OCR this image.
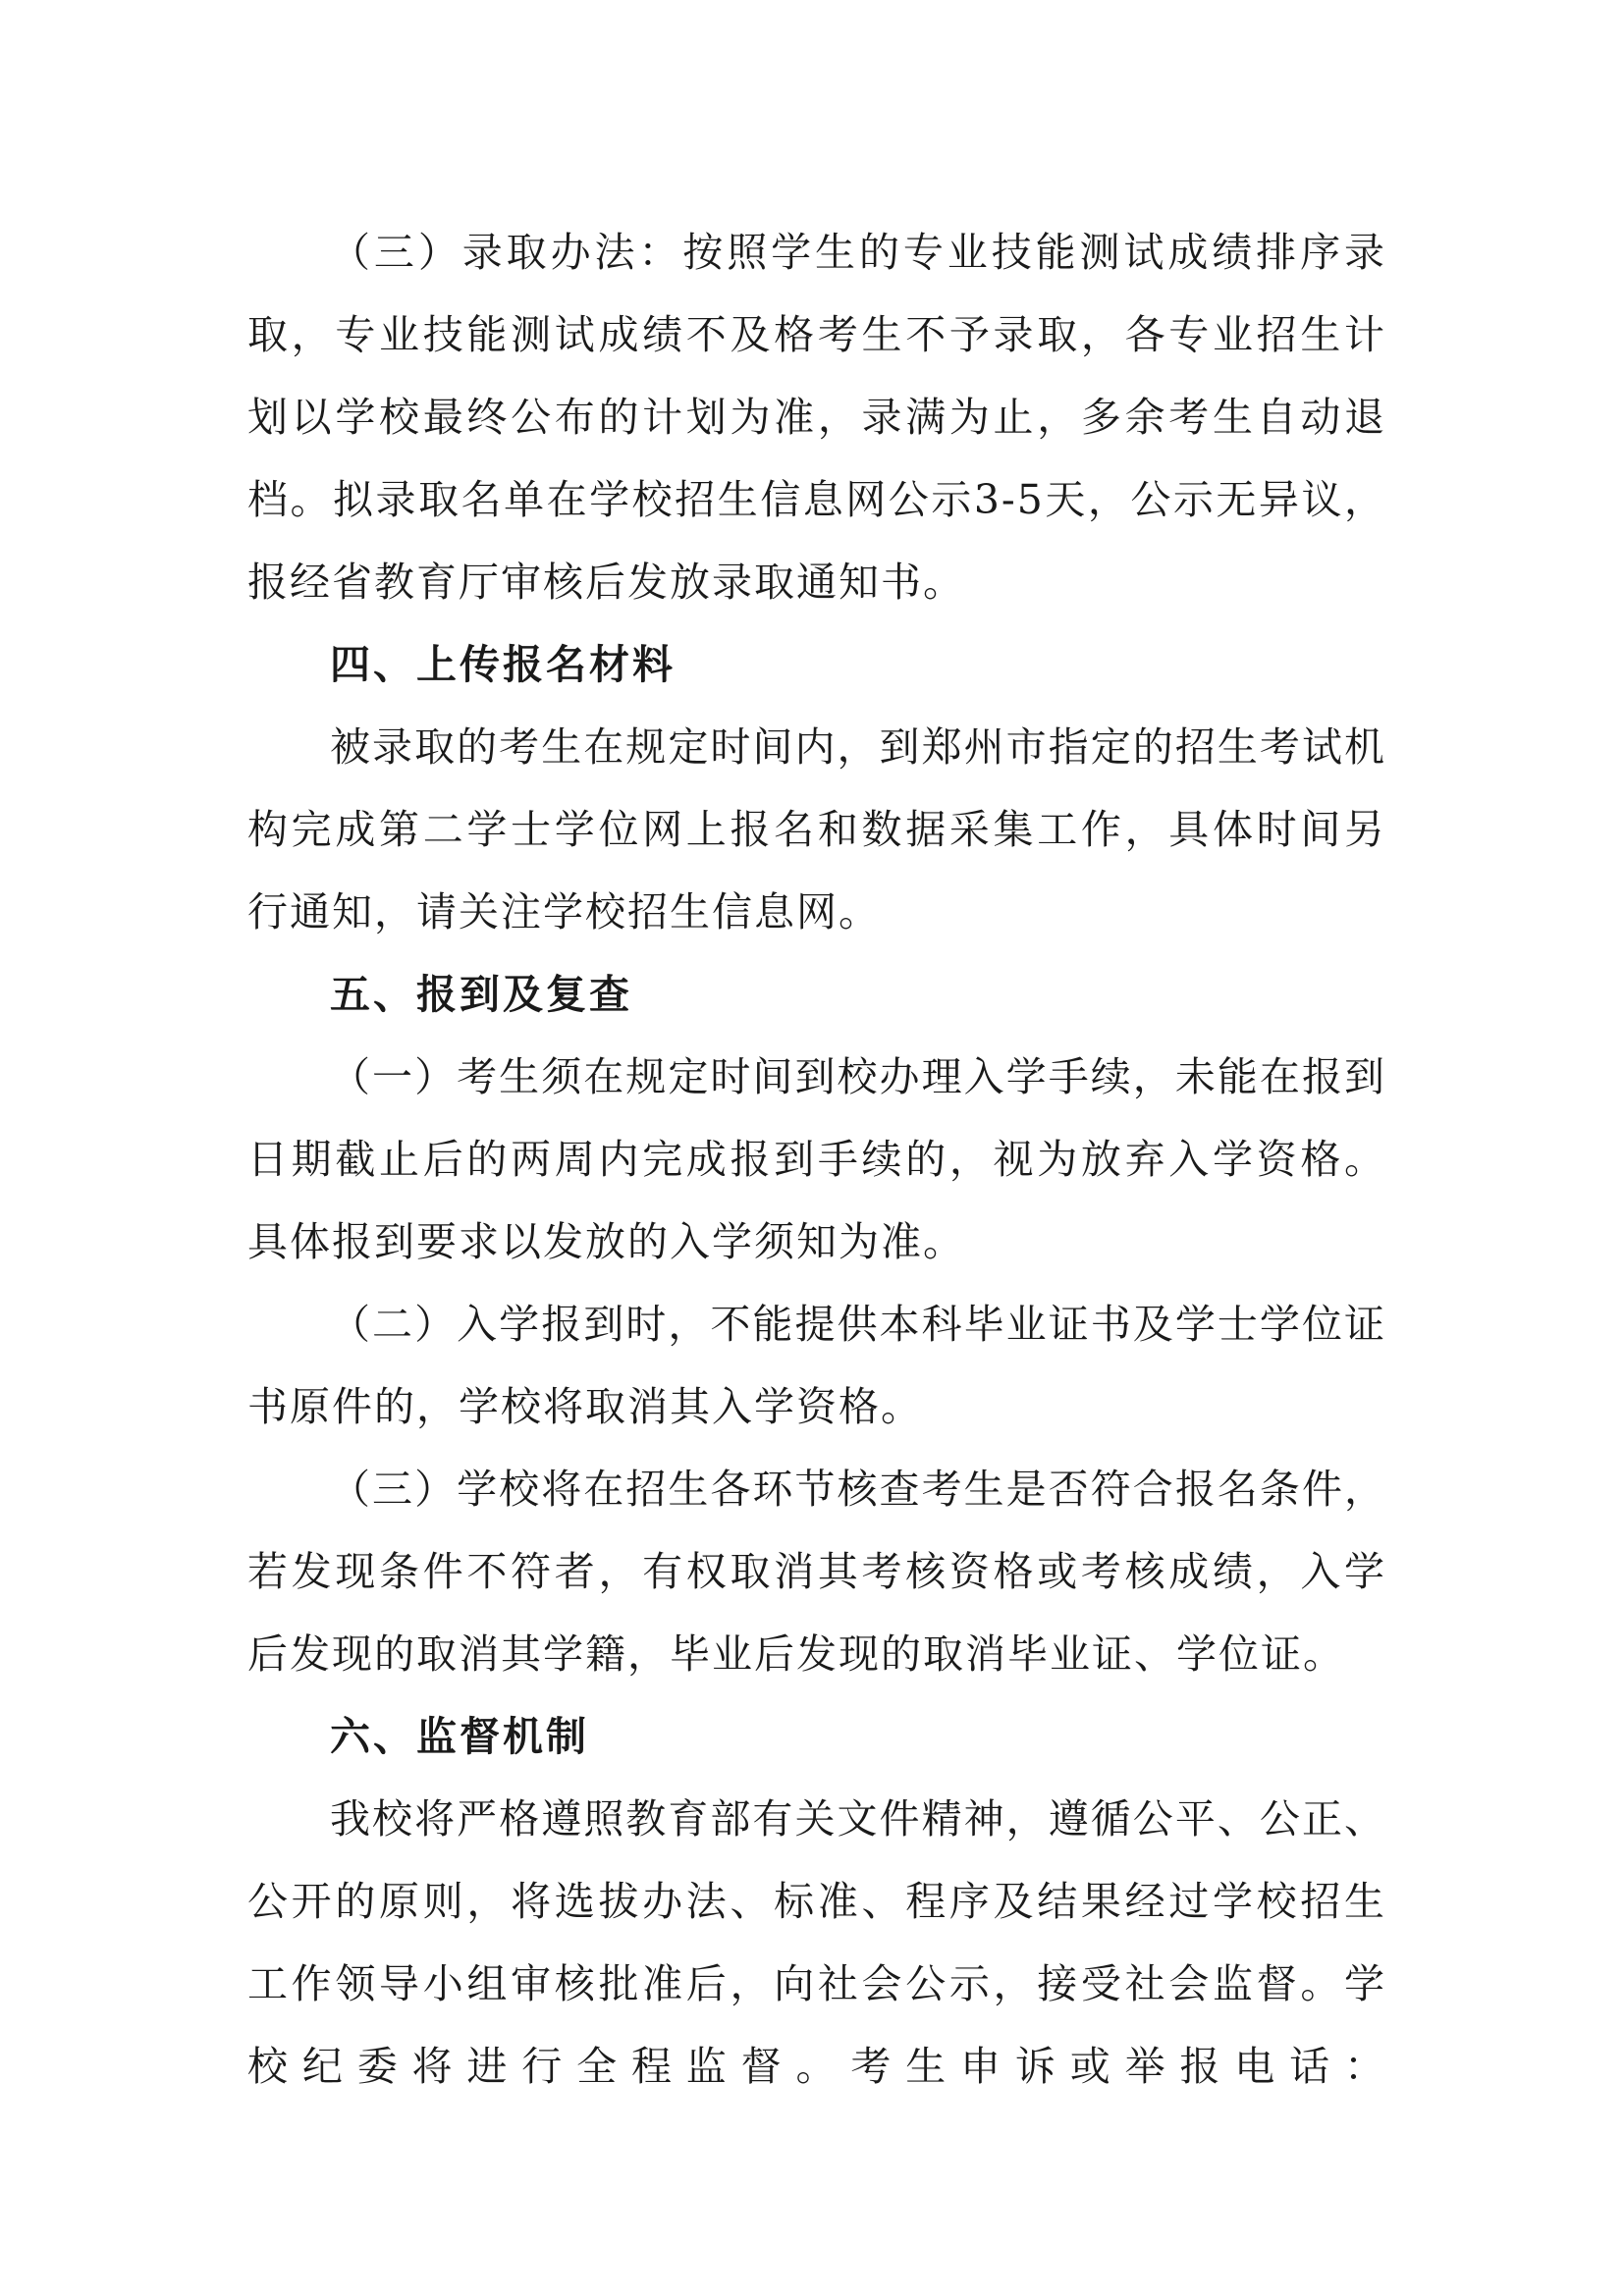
（三）录取办法：按照学生的专业技能测试成绩排序录取，专业技能测试成绩不及格考生不予录取，各专业招生计划以学校最终公布的计划为准，录满为止，多余考生自动退档。拟录取名单在学校招生信息网公示3-5天，公示无异议，报经省教育厅审核后发放录取通知书。

四、上传报名材料

被录取的考生在规定时间内，到郑州市指定的招生考试机构完成第二学士学位网上报名和数据采集工作，具体时间另行通知，请关注学校招生信息网。

五、报到及复查

（一）考生须在规定时间到校办理入学手续，未能在报到日期截止后的两周内完成报到手续的，视为放弃入学资格。具体报到要求以发放的入学须知为准。

（二）入学报到时，不能提供本科毕业证书及学士学位证书原件的，学校将取消其入学资格。

（三）学校将在招生各环节核查考生是否符合报名条件，若发现条件不符者，有权取消其考核资格或考核成绩，入学后发现的取消其学籍，毕业后发现的取消毕业证、学位证。

六、监督机制

我校将严格遵照教育部有关文件精神，遵循公平、公正、公开的原则，将选拔办法、标准、程序及结果经过学校招生工作领导小组审核批准后，向社会公示，接受社会监督。学校纪委将进行全程监督。考生申诉或举报电话：
